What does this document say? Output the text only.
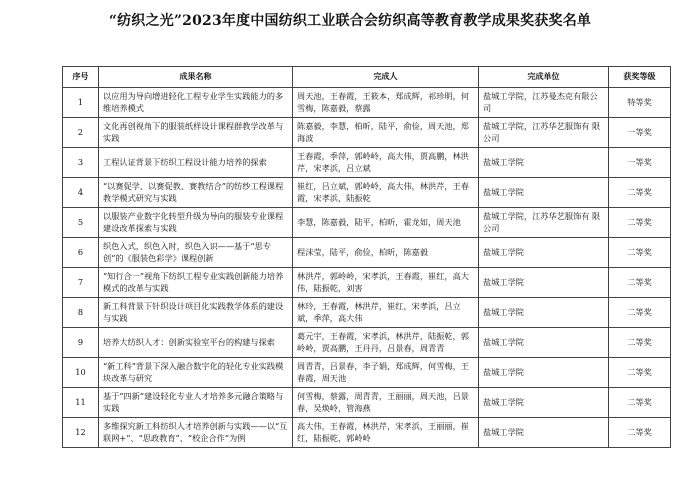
“纺织之光”2023年度中国纺织工业联合会纺织高等教育教学成果奖获奖名单
序号	成果名称	完成人	完成单位	获奖等级
1	以应用为导向增进轻化工程专业学生实践能力的多维培养模式	周天池，王春霞，王筱本，郑成辉，祁珍明，何雪梅，陈嘉毅，蔡露	盐城工学院，江苏曼杰克有限公司	特等奖
2	文化再创视角下的服装纸样设计课程群教学改革与实践	陈嘉毅，李慧，柏昕，陆平，俞俭，周天池，郑海波	盐城工学院，江苏华艺服饰有 限公司	一等奖
3	工程认证背景下纺织工程设计能力培养的探索	王春霞，季萍，郭岭岭，高大伟，贾高鹏，林洪芹，宋孝浜，吕立斌	盐城工学院	一等奖
4	“以赛促学、以赛促教、赛教结合”的纺纱工程课程教学模式研究与实践	崔红，吕立斌，郭岭岭，高大伟，林洪芹，王春霞，宋孝浜，陆振乾	盐城工学院	二等奖
5	以服装产业数字化转型升级为导向的服装专业课程建设改革探索与实践	李慧，陈嘉毅，陆平，柏昕，霍龙如，周天池	盐城工学院，江苏华艺服饰有 限公司	二等奖
6	织色入式，织色入时，织色入识——基于“思专创”的《服装色彩学》课程创新	程沫莹，陆平，俞俭，柏昕，陈嘉毅	盐城工学院	二等奖
7	“知行合一”视角下纺织工程专业实践创新能力培养模式的改革与实践	林洪芹，郭岭岭，宋孝浜，王春霞，崔红，高大伟，陆振乾，刘害	盐城工学院	二等奖
8	新工科背景下针织设计项目化实践教学体系的建设与实践	林玲，王春霞，林洪芹，崔红，宋孝浜，吕立斌，季萍，高大伟	盐城工学院	二等奖
9	培养大纺织人才：创新实验室平台的构建与探索	葛元宇，王春霞，宋孝浜，林洪芹，陆振乾，郭岭岭，贾高鹏，王丹丹，吕景春，周青青	盐城工学院	二等奖
10	“新工科”背景下深入融合数字化的轻化专业实践模块改革与研究	周青青，吕景春，李子娟，郑成辉，何雪梅，王春霞，周天池	盐城工学院	二等奖
11	基于“四新”建设轻化专业人才培养多元融合策略与实践	何雪梅，蔡露，周青青，王丽丽，周天池，吕景春，吴焕岭，管海燕	盐城工学院	二等奖
12	多维探究新工科纺织人才培养创新与实践——以“互联网+”、“思政教育”、“校企合作”为例	高大伟，王春霞，林洪芹，宋孝浜，王丽丽，崔红，陆振乾，郭岭岭	盐城工学院	二等奖
